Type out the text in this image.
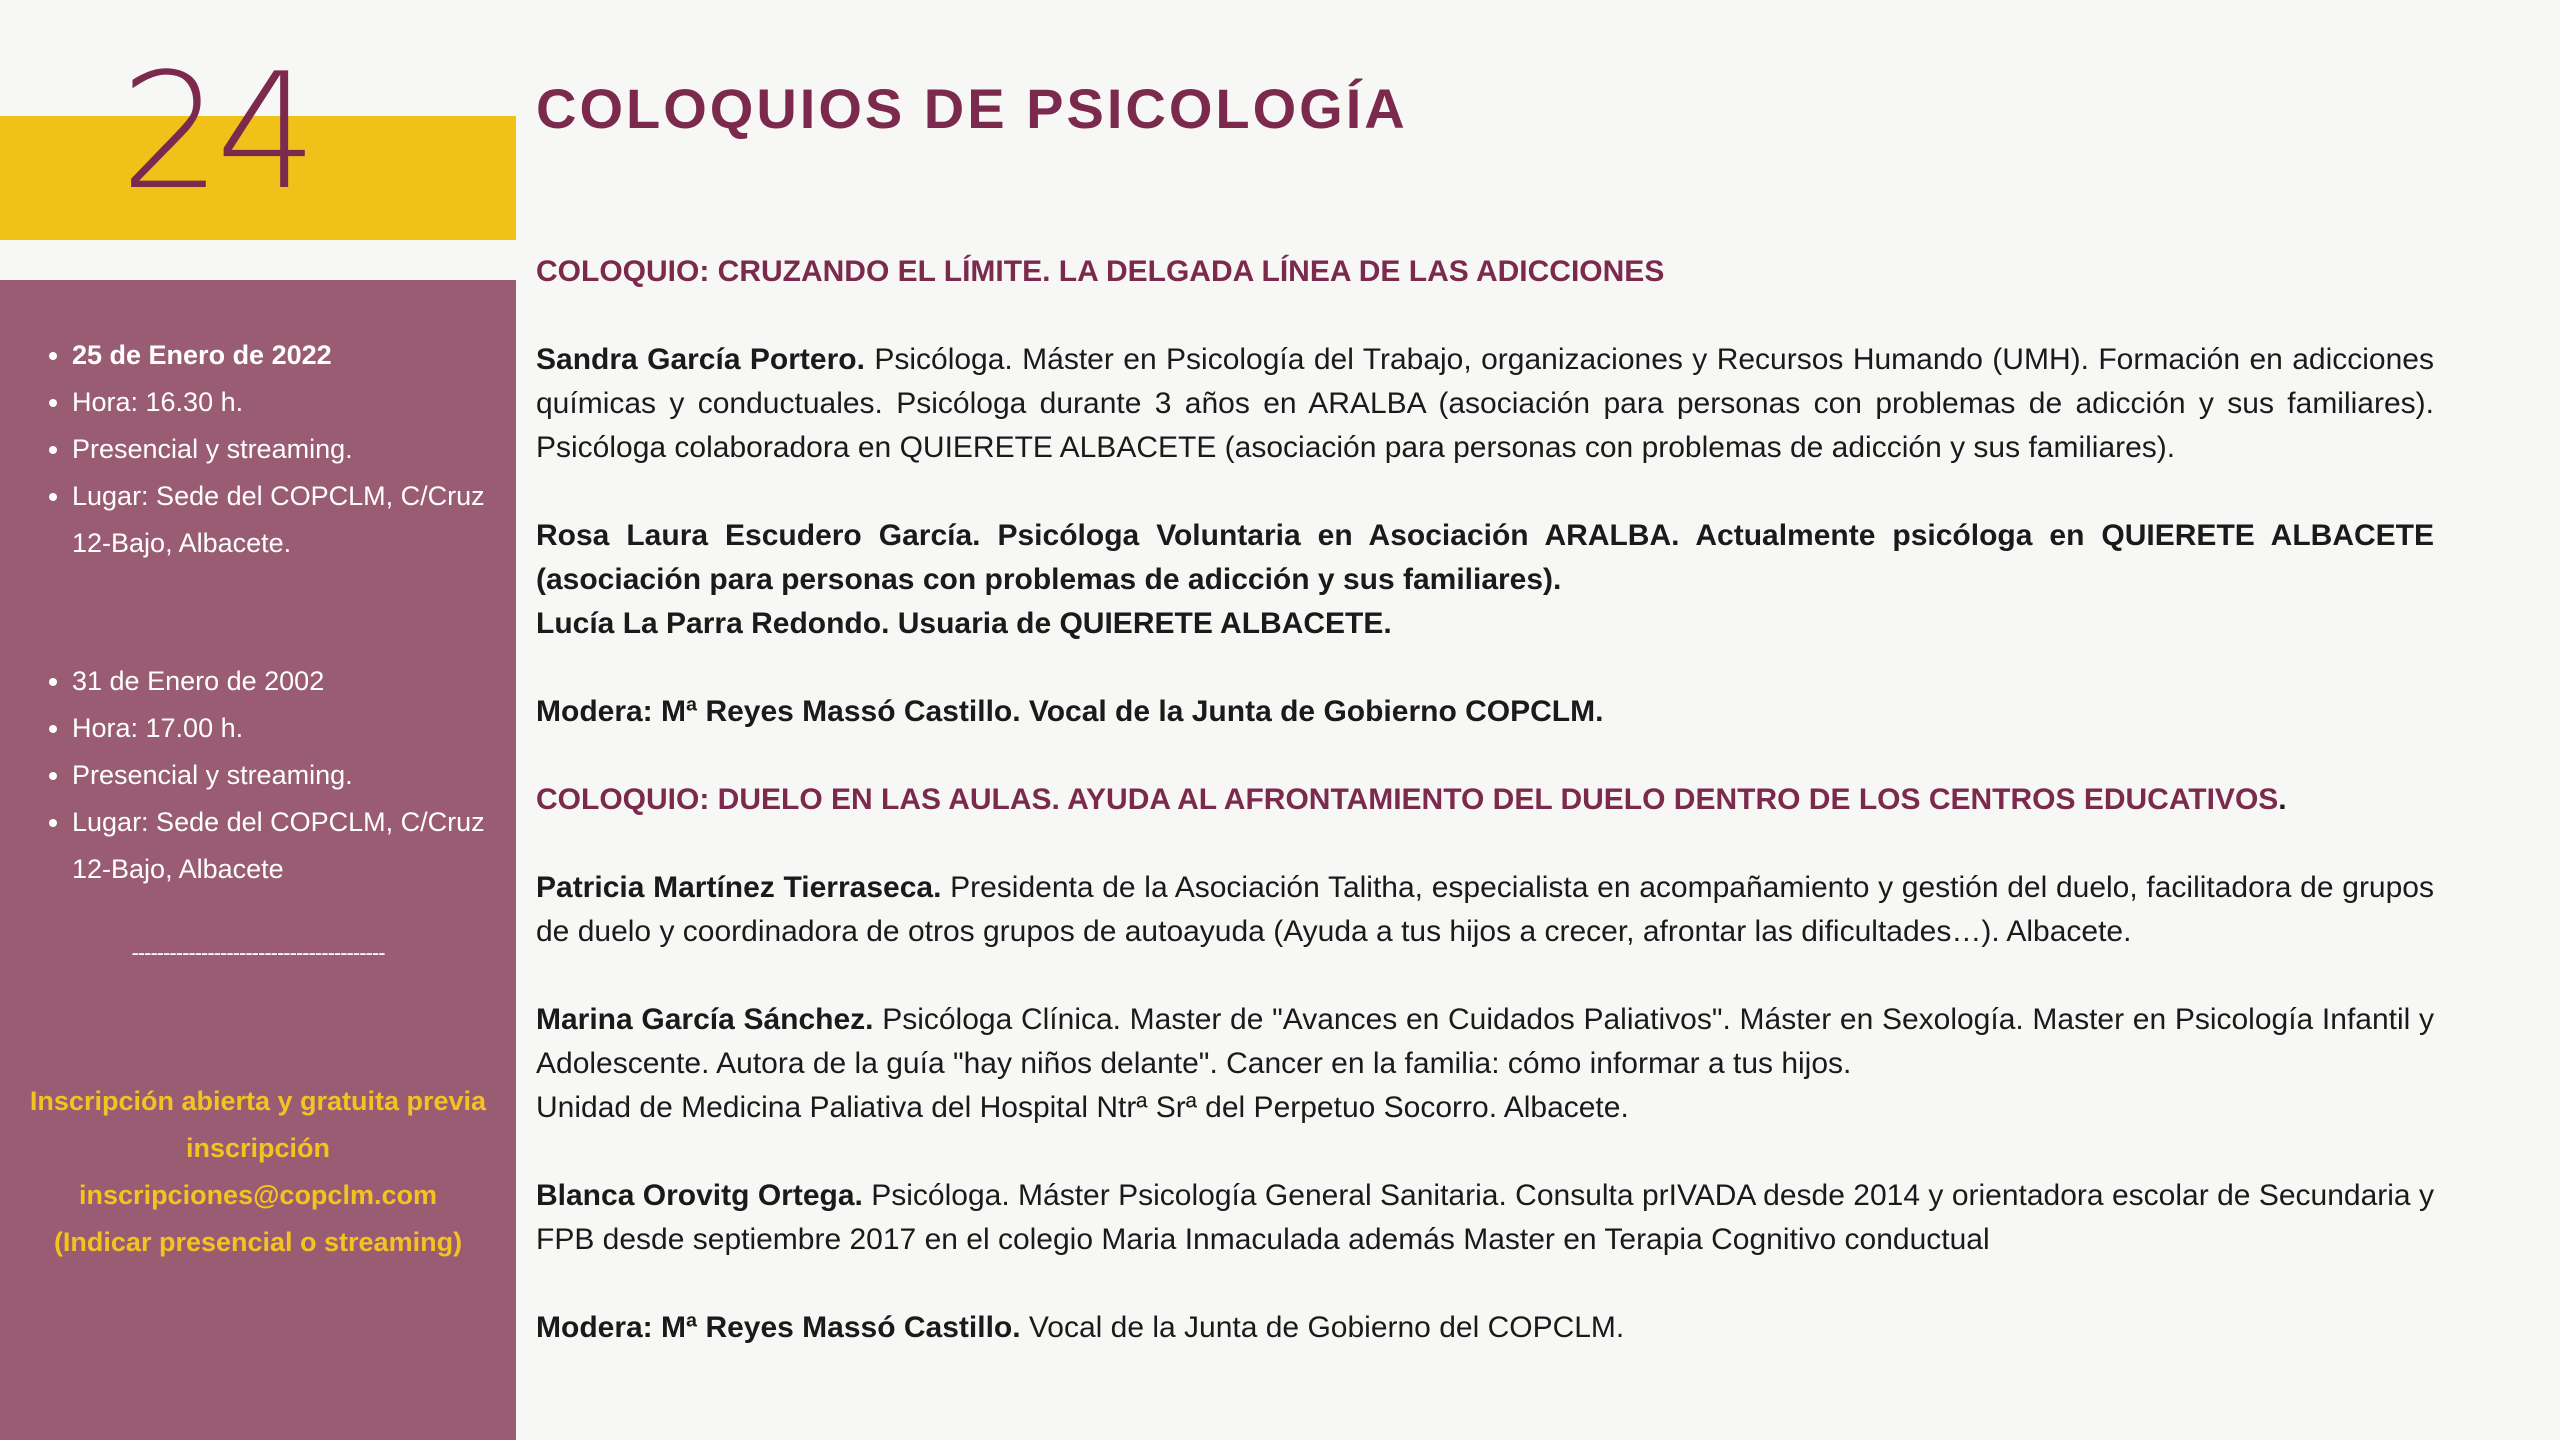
24
• 25 de Enero de 2022
• Hora: 16.30 h.
• Presencial y streaming.
• Lugar: Sede del COPCLM, C/Cruz 12-Bajo, Albacete.
• 31 de Enero de 2002
• Hora: 17.00 h.
• Presencial y streaming.
• Lugar: Sede del COPCLM, C/Cruz 12-Bajo, Albacete
----------------------------------------
Inscripción abierta y gratuita previa inscripción
inscripciones@copclm.com
(Indicar presencial o streaming)
COLOQUIOS DE PSICOLOGÍA

COLOQUIO: CRUZANDO EL LÍMITE. LA DELGADA LÍNEA DE LAS ADICCIONES

Sandra García Portero. Psicóloga. Máster en Psicología del Trabajo, organizaciones y Recursos Humando (UMH). Formación en adicciones químicas y conductuales. Psicóloga durante 3 años en ARALBA (asociación para personas con problemas de adicción y sus familiares). Psicóloga colaboradora en QUIERETE ALBACETE (asociación para personas con problemas de adicción y sus familiares).

Rosa Laura Escudero García. Psicóloga Voluntaria en Asociación ARALBA. Actualmente psicóloga en QUIERETE ALBACETE (asociación para personas con problemas de adicción y sus familiares).

Lucía La Parra Redondo. Usuaria de QUIERETE ALBACETE.

Modera: Mª Reyes Massó Castillo. Vocal de la Junta de Gobierno COPCLM.

COLOQUIO: DUELO EN LAS AULAS. AYUDA AL AFRONTAMIENTO DEL DUELO DENTRO DE LOS CENTROS EDUCATIVOS.

Patricia Martínez Tierraseca. Presidenta de la Asociación Talitha, especialista en acompañamiento y gestión del duelo, facilitadora de grupos de duelo y coordinadora de otros grupos de autoayuda (Ayuda a tus hijos a crecer, afrontar las dificultades…). Albacete.

Marina García Sánchez. Psicóloga Clínica. Master de "Avances en Cuidados Paliativos". Máster en Sexología. Master en Psicología Infantil y Adolescente. Autora de la guía "hay niños delante". Cancer en la familia: cómo informar a tus hijos.

Unidad de Medicina Paliativa del Hospital Ntrª Srª del Perpetuo Socorro. Albacete.

Blanca Orovitg Ortega. Psicóloga. Máster Psicología General Sanitaria. Consulta prIVADA desde 2014 y orientadora escolar de Secundaria y FPB desde septiembre 2017 en el colegio Maria Inmaculada además Master en Terapia Cognitivo conductual

Modera: Mª Reyes Massó Castillo. Vocal de la Junta de Gobierno del COPCLM.
